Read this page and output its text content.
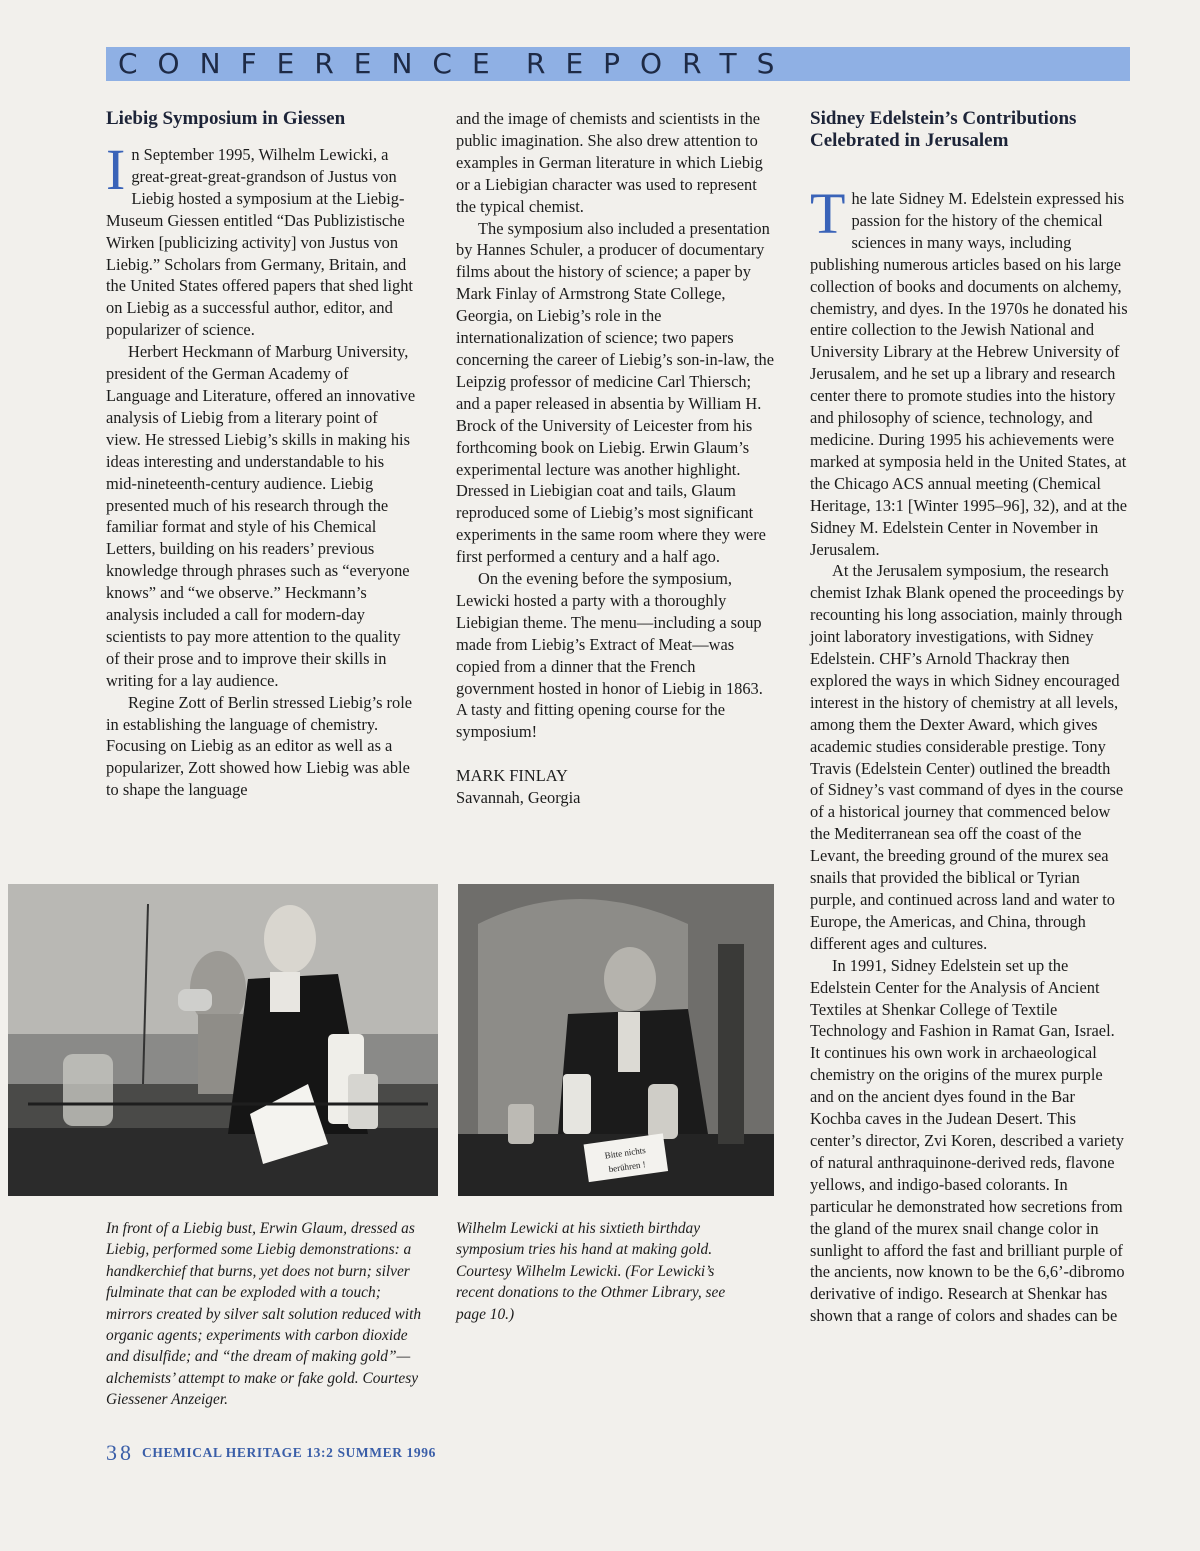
CONFERENCE REPORTS
Liebig Symposium in Giessen

In September 1995, Wilhelm Lewicki, a great-great-great-grandson of Justus von Liebig hosted a symposium at the Liebig-Museum Giessen entitled “Das Publizistische Wirken [publicizing activity] von Justus von Liebig.” Scholars from Germany, Britain, and the United States offered papers that shed light on Liebig as a successful author, editor, and popularizer of science.

Herbert Heckmann of Marburg University, president of the German Academy of Language and Literature, offered an innovative analysis of Liebig from a literary point of view. He stressed Liebig’s skills in making his ideas interesting and understandable to his mid-nineteenth-century audience. Liebig presented much of his research through the familiar format and style of his Chemical Letters, building on his readers’ previous knowledge through phrases such as “everyone knows” and “we observe.” Heckmann’s analysis included a call for modern-day scientists to pay more attention to the quality of their prose and to improve their skills in writing for a lay audience.

Regine Zott of Berlin stressed Liebig’s role in establishing the language of chemistry. Focusing on Liebig as an editor as well as a popularizer, Zott showed how Liebig was able to shape the language

and the image of chemists and scientists in the public imagination. She also drew attention to examples in German literature in which Liebig or a Liebigian character was used to represent the typical chemist.

The symposium also included a presentation by Hannes Schuler, a producer of documentary films about the history of science; a paper by Mark Finlay of Armstrong State College, Georgia, on Liebig’s role in the internationalization of science; two papers concerning the career of Liebig’s son-in-law, the Leipzig professor of medicine Carl Thiersch; and a paper released in absentia by William H. Brock of the University of Leicester from his forthcoming book on Liebig. Erwin Glaum’s experimental lecture was another highlight. Dressed in Liebigian coat and tails, Glaum reproduced some of Liebig’s most significant experiments in the same room where they were first performed a century and a half ago.

On the evening before the symposium, Lewicki hosted a party with a thoroughly Liebigian theme. The menu—including a soup made from Liebig’s Extract of Meat—was copied from a dinner that the French government hosted in honor of Liebig in 1863. A tasty and fitting opening course for the symposium!

MARK FINLAY
Savannah, Georgia
Bitte nichts
berühren !
In front of a Liebig bust, Erwin Glaum, dressed as Liebig, performed some Liebig demonstrations: a handkerchief that burns, yet does not burn; silver fulminate that can be exploded with a touch; mirrors created by silver salt solution reduced with organic agents; experiments with carbon dioxide and disulfide; and “the dream of making gold”—alchemists’ attempt to make or fake gold. Courtesy Giessener Anzeiger.
Wilhelm Lewicki at his sixtieth birthday symposium tries his hand at making gold. Courtesy Wilhelm Lewicki. (For Lewicki’s recent donations to the Othmer Library, see page 10.)
Sidney Edelstein’s Contributions Celebrated in Jerusalem

The late Sidney M. Edelstein expressed his passion for the history of the chemical sciences in many ways, including publishing numerous articles based on his large collection of books and documents on alchemy, chemistry, and dyes. In the 1970s he donated his entire collection to the Jewish National and University Library at the Hebrew University of Jerusalem, and he set up a library and research center there to promote studies into the history and philosophy of science, technology, and medicine. During 1995 his achievements were marked at symposia held in the United States, at the Chicago ACS annual meeting (Chemical Heritage, 13:1 [Winter 1995–96], 32), and at the Sidney M. Edelstein Center in November in Jerusalem.

At the Jerusalem symposium, the research chemist Izhak Blank opened the proceedings by recounting his long association, mainly through joint laboratory investigations, with Sidney Edelstein. CHF’s Arnold Thackray then explored the ways in which Sidney encouraged interest in the history of chemistry at all levels, among them the Dexter Award, which gives academic studies considerable prestige. Tony Travis (Edelstein Center) outlined the breadth of Sidney’s vast command of dyes in the course of a historical journey that commenced below the Mediterranean sea off the coast of the Levant, the breeding ground of the murex sea snails that provided the biblical or Tyrian purple, and continued across land and water to Europe, the Americas, and China, through different ages and cultures.

In 1991, Sidney Edelstein set up the Edelstein Center for the Analysis of Ancient Textiles at Shenkar College of Textile Technology and Fashion in Ramat Gan, Israel. It continues his own work in archaeological chemistry on the origins of the murex purple and on the ancient dyes found in the Bar Kochba caves in the Judean Desert. This center’s director, Zvi Koren, described a variety of natural anthraquinone-derived reds, flavone yellows, and indigo-based colorants. In particular he demonstrated how secretions from the gland of the murex snail change color in sunlight to afford the fast and brilliant purple of the ancients, now known to be the 6,6’-dibromo derivative of indigo. Research at Shenkar has shown that a range of colors and shades can be

38 CHEMICAL HERITAGE 13:2 SUMMER 1996
